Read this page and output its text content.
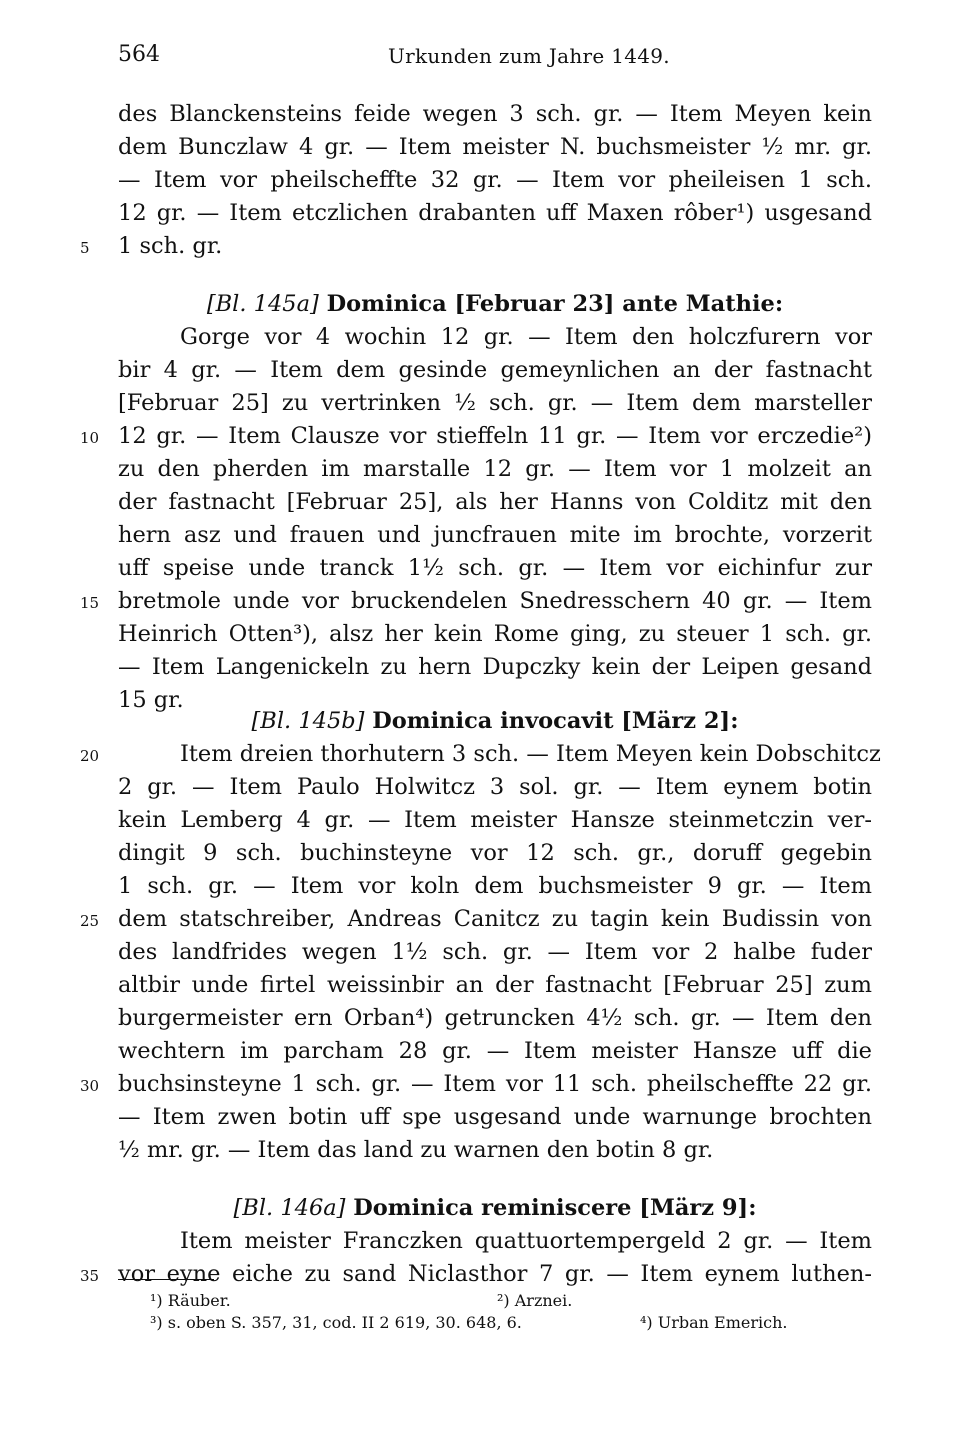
564	Urkunden zum Jahre 1449.
des Blanckensteins feide wegen 3 sch. gr. — Item Meyen kein
dem Bunczlaw 4 gr. — Item meister N. buchsmeister ½ mr. gr.
— Item vor pheilscheffte 32 gr. — Item vor pheileisen 1 sch.
12 gr. — Item etczlichen drabanten uff Maxen rôber¹) usgesand
1 sch. gr.
5
[Bl. 145a] Dominica [Februar 23] ante Mathie:
Gorge vor 4 wochin 12 gr. — Item den holczfurern vor
bir 4 gr. — Item dem gesinde gemeynlichen an der fastnacht
[Februar 25] zu vertrinken ½ sch. gr. — Item dem marsteller
12 gr. — Item Clausze vor stieffeln 11 gr. — Item vor erczedie²)
10
zu den pherden im marstalle 12 gr. — Item vor 1 molzeit an
der fastnacht [Februar 25], als her Hanns von Colditz mit den
hern asz und frauen und juncfrauen mite im brochte, vorzerit
uff speise unde tranck 1½ sch. gr. — Item vor eichinfur zur
bretmole unde vor bruckendelen Snedresschern 40 gr. — Item
15
Heinrich Otten³), alsz her kein Rome ging, zu steuer 1 sch. gr.
— Item Langenickeln zu hern Dupczky kein der Leipen gesand
15 gr.
[Bl. 145b] Dominica invocavit [März 2]:
Item dreien thorhutern 3 sch. — Item Meyen kein Dobschitcz
20
2 gr. — Item Paulo Holwitcz 3 sol. gr. — Item eynem botin
kein Lemberg 4 gr. — Item meister Hansze steinmetczin ver-
dingit 9 sch. buchinsteyne vor 12 sch. gr., doruff gegebin
1 sch. gr. — Item vor koln dem buchsmeister 9 gr. — Item
dem statschreiber, Andreas Canitcz zu tagin kein Budissin von
25
des landfrides wegen 1½ sch. gr. — Item vor 2 halbe fuder
altbir unde firtel weissinbir an der fastnacht [Februar 25] zum
burgermeister ern Orban⁴) getruncken 4½ sch. gr. — Item den
wechtern im parcham 28 gr. — Item meister Hansze uff die
buchsinsteyne 1 sch. gr. — Item vor 11 sch. pheilscheffte 22 gr.
30
— Item zwen botin uff spe usgesand unde warnunge brochten
½ mr. gr. — Item das land zu warnen den botin 8 gr.
[Bl. 146a] Dominica reminiscere [März 9]:
Item meister Franczken quattuortempergeld 2 gr. — Item
vor eyne eiche zu sand Niclasthor 7 gr. — Item eynem luthen-
35
¹) Räuber.	²) Arznei.
³) s. oben S. 357, 31, cod. II 2 619, 30. 648, 6.	⁴) Urban Emerich.
